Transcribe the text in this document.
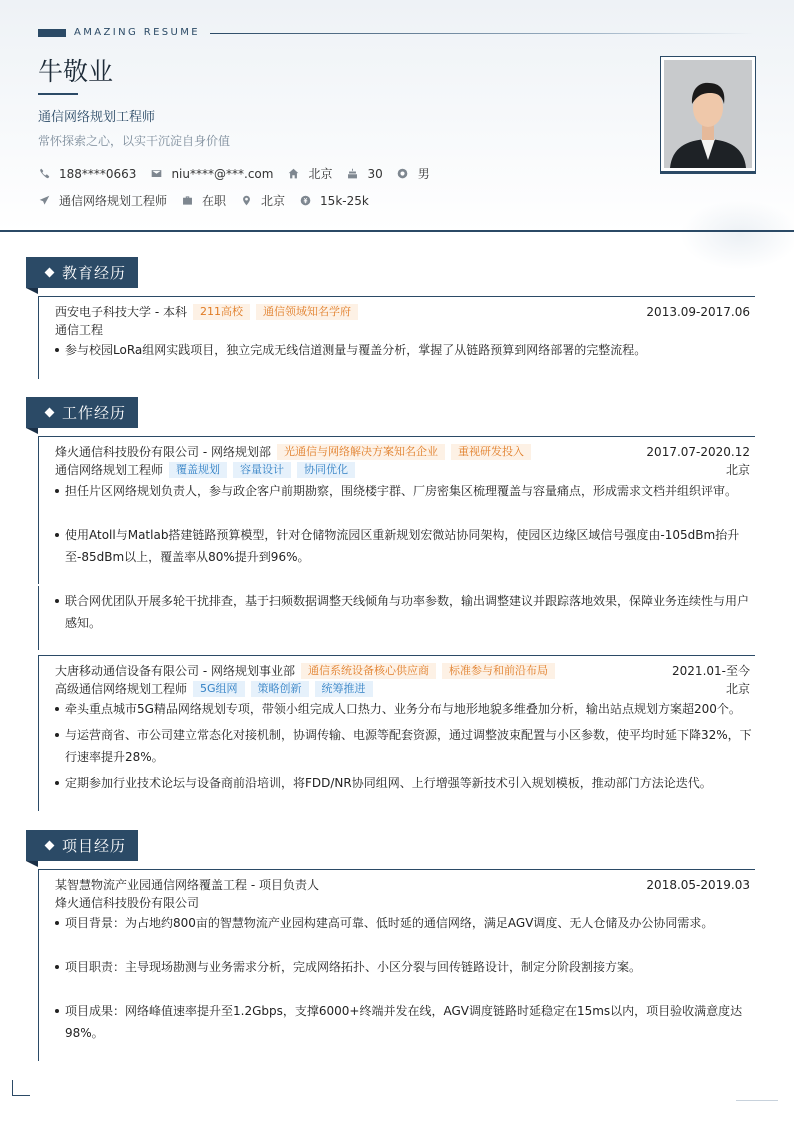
AMAZING RESUME
牛敬业
通信网络规划工程师
常怀探索之心，以实干沉淀自身价值
188****0663	niu****@***.com	北京	30	男
通信网络规划工程师	在职	北京	15k-25k
教育经历
西安电子科技大学 - 本科	211高校	通信领域知名学府	2013.09-2017.06
通信工程
参与校园LoRa组网实践项目，独立完成无线信道测量与覆盖分析，掌握了从链路预算到网络部署的完整流程。
工作经历
烽火通信科技股份有限公司 - 网络规划部	光通信与网络解决方案知名企业	重视研发投入	2017.07-2020.12
通信网络规划工程师	覆盖规划	容量设计	协同优化	北京
担任片区网络规划负责人，参与政企客户前期勘察，围绕楼宇群、厂房密集区梳理覆盖与容量痛点，形成需求文档并组织评审。
使用Atoll与Matlab搭建链路预算模型，针对仓储物流园区重新规划宏微站协同架构，使园区边缘区域信号强度由-105dBm抬升至-85dBm以上，覆盖率从80%提升到96%。
联合网优团队开展多轮干扰排查，基于扫频数据调整天线倾角与功率参数，输出调整建议并跟踪落地效果，保障业务连续性与用户感知。
大唐移动通信设备有限公司 - 网络规划事业部	通信系统设备核心供应商	标准参与和前沿布局	2021.01-至今
高级通信网络规划工程师	5G组网	策略创新	统筹推进	北京
牵头重点城市5G精品网络规划专项，带领小组完成人口热力、业务分布与地形地貌多维叠加分析，输出站点规划方案超200个。
与运营商省、市公司建立常态化对接机制，协调传输、电源等配套资源，通过调整波束配置与小区参数，使平均时延下降32%，下行速率提升28%。
定期参加行业技术论坛与设备商前沿培训，将FDD/NR协同组网、上行增强等新技术引入规划模板，推动部门方法论迭代。
项目经历
某智慧物流产业园通信网络覆盖工程 - 项目负责人	2018.05-2019.03
烽火通信科技股份有限公司
项目背景：为占地约800亩的智慧物流产业园构建高可靠、低时延的通信网络，满足AGV调度、无人仓储及办公协同需求。
项目职责：主导现场勘测与业务需求分析，完成网络拓扑、小区分裂与回传链路设计，制定分阶段割接方案。
项目成果：网络峰值速率提升至1.2Gbps，支撑6000+终端并发在线，AGV调度链路时延稳定在15ms以内，项目验收满意度达98%。
